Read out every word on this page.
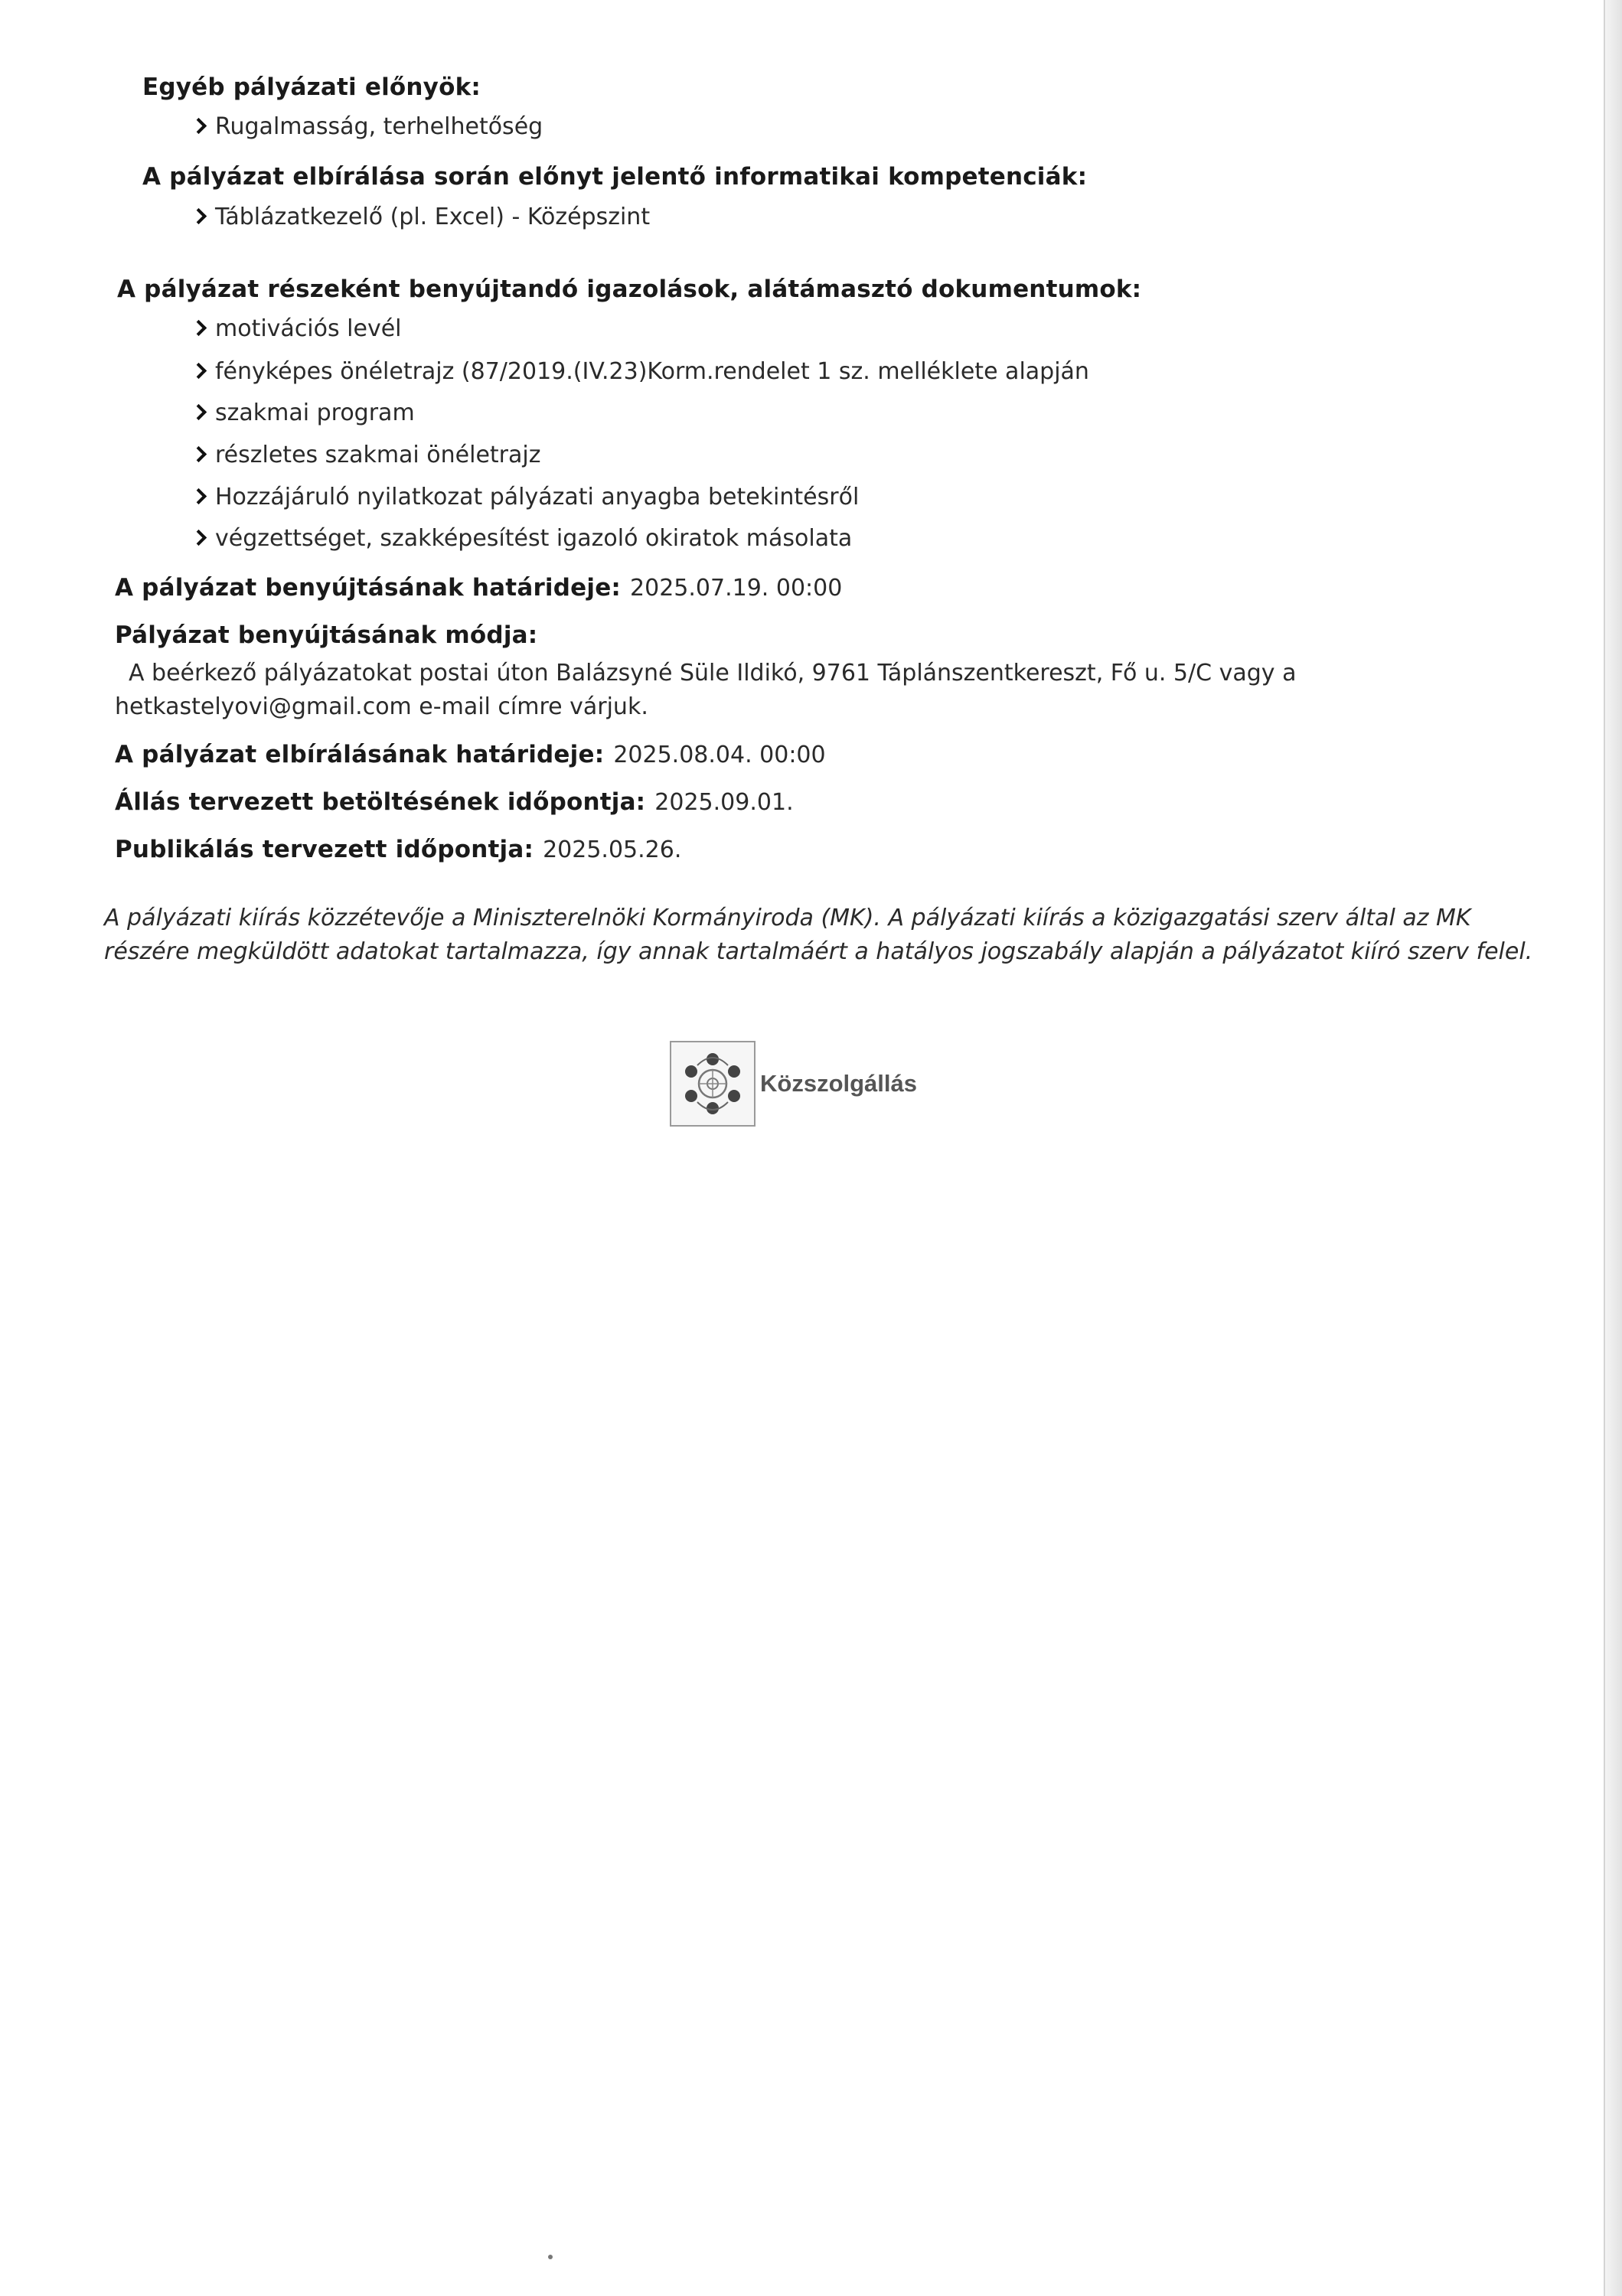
Egyéb pályázati előnyök:
Rugalmasság, terhelhetőség
A pályázat elbírálása során előnyt jelentő informatikai kompetenciák:
Táblázatkezelő (pl. Excel) - Középszint
A pályázat részeként benyújtandó igazolások, alátámasztó dokumentumok:
motivációs levél
fényképes önéletrajz (87/2019.(IV.23)Korm.rendelet 1 sz. melléklete alapján
szakmai program
részletes szakmai önéletrajz
Hozzájáruló nyilatkozat pályázati anyagba betekintésről
végzettséget, szakképesítést igazoló okiratok másolata
A pályázat benyújtásának határideje: 2025.07.19. 00:00
Pályázat benyújtásának módja:
A beérkező pályázatokat postai úton Balázsyné Süle Ildikó, 9761 Táplánszentkereszt, Fő u. 5/C vagy a
hetkastelyovi@gmail.com e-mail címre várjuk.
A pályázat elbírálásának határideje: 2025.08.04. 00:00
Állás tervezett betöltésének időpontja: 2025.09.01.
Publikálás tervezett időpontja: 2025.05.26.
A pályázati kiírás közzétevője a Miniszterelnöki Kormányiroda (MK). A pályázati kiírás a közigazgatási szerv által az MK részére megküldött adatokat tartalmazza, így annak tartalmáért a hatályos jogszabály alapján a pályázatot kiíró szerv felel.
Közszolgállás
